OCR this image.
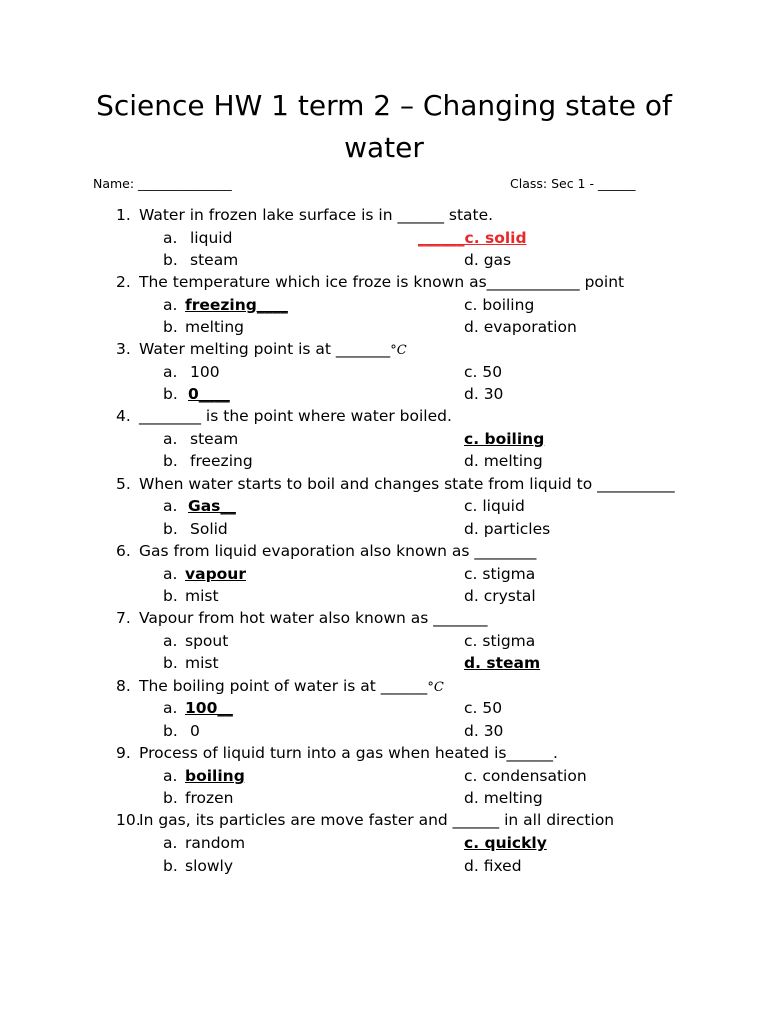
Science HW 1 term 2 – Changing state of water
Name: _______________	Class: Sec 1 - ______
1. Water in frozen lake surface is in ______ state.
a. liquid
b. steam
______c. solid
d. gas
2. The temperature which ice froze is known as____________ point
a. freezing____
b. melting
c. boiling
d. evaporation
3. Water melting point is at _______°C
a. 100
b. 0____
c. 50
d. 30
4. ________ is the point where water boiled.
a. steam
b. freezing
c. boiling
d. melting
5. When water starts to boil and changes state from liquid to __________
a. Gas__
b. Solid
c. liquid
d. particles
6. Gas from liquid evaporation also known as ________
a. vapour
b. mist
c. stigma
d. crystal
7. Vapour from hot water also known as _______
a. spout
b. mist
c. stigma
d. steam
8. The boiling point of water is at ______°C
a. 100__
b. 0
c. 50
d. 30
9. Process of liquid turn into a gas when heated is______.
a. boiling
b. frozen
c. condensation
d. melting
10.
In gas, its particles are move faster and ______ in all direction
a. random
b. slowly
c. quickly
d. fixed
